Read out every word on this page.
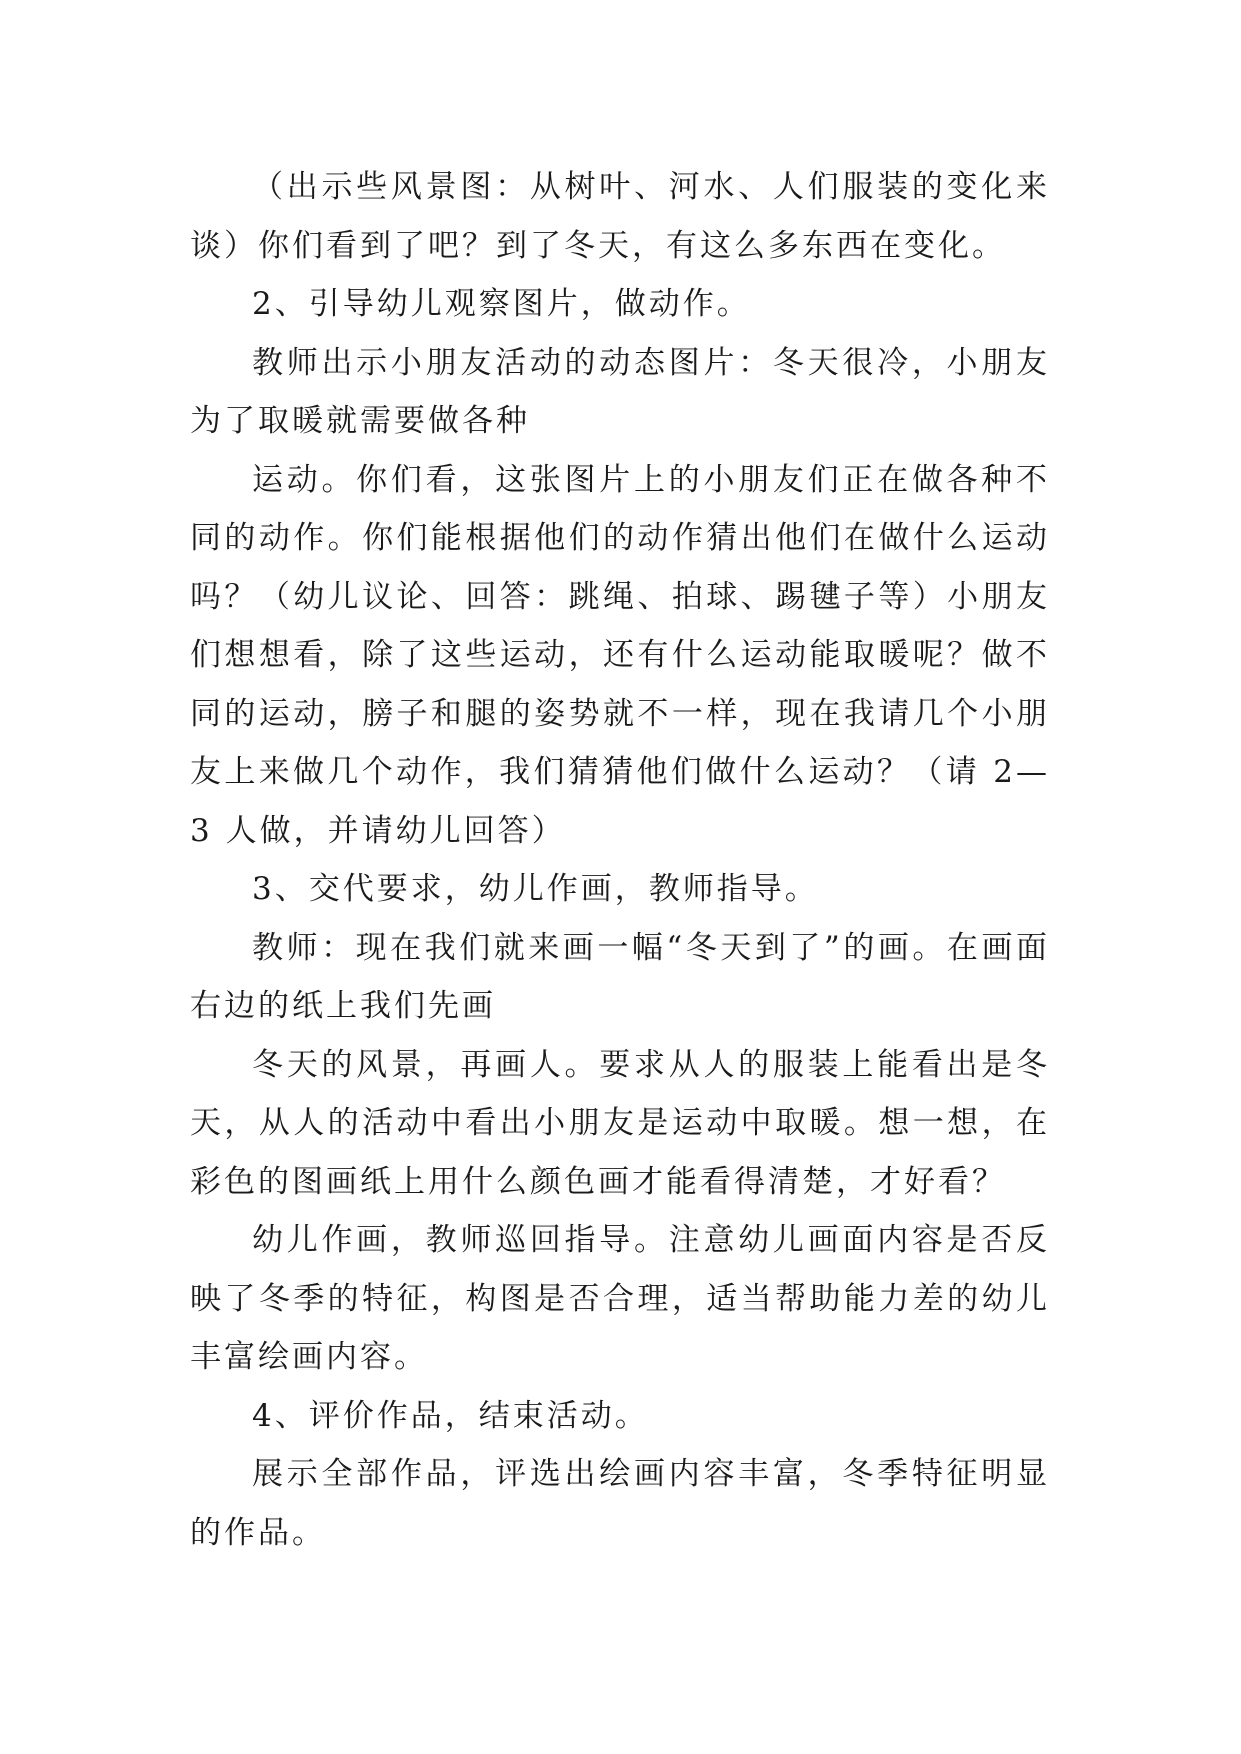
（出示些风景图：从树叶、河水、人们服装的变化来谈）你们看到了吧？到了冬天，有这么多东西在变化。

2、引导幼儿观察图片，做动作。

教师出示小朋友活动的动态图片：冬天很冷，小朋友为了取暖就需要做各种

运动。你们看，这张图片上的小朋友们正在做各种不同的动作。你们能根据他们的动作猜出他们在做什么运动吗？（幼儿议论、回答：跳绳、拍球、踢毽子等）小朋友们想想看，除了这些运动，还有什么运动能取暖呢？做不同的运动，膀子和腿的姿势就不一样，现在我请几个小朋友上来做几个动作，我们猜猜他们做什么运动？（请 2—3 人做，并请幼儿回答）

3、交代要求，幼儿作画，教师指导。

教师：现在我们就来画一幅“冬天到了”的画。在画面右边的纸上我们先画

冬天的风景，再画人。要求从人的服装上能看出是冬天，从人的活动中看出小朋友是运动中取暖。想一想，在彩色的图画纸上用什么颜色画才能看得清楚，才好看？

幼儿作画，教师巡回指导。注意幼儿画面内容是否反映了冬季的特征，构图是否合理，适当帮助能力差的幼儿丰富绘画内容。

4、评价作品，结束活动。

展示全部作品，评选出绘画内容丰富，冬季特征明显的作品。
